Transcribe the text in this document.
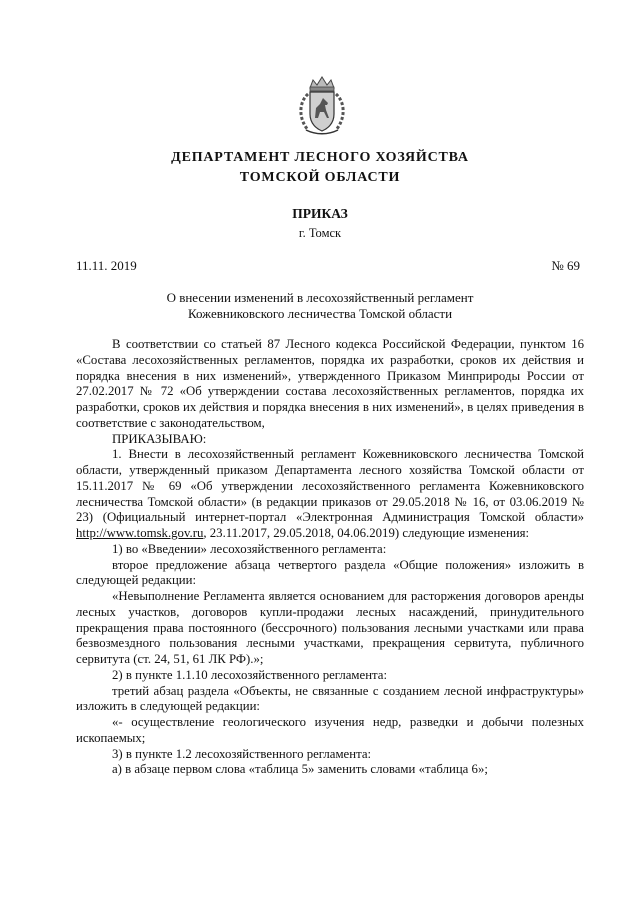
ДЕПАРТАМЕНТ ЛЕСНОГО ХОЗЯЙСТВА
ТОМСКОЙ ОБЛАСТИ
ПРИКАЗ
г. Томск
11.11. 2019	№ 69
О внесении изменений в лесохозяйственный регламент
Кожевниковского лесничества Томской области

В соответствии со статьей 87 Лесного кодекса Российской Федерации, пунктом 16 «Состава лесохозяйственных регламентов, порядка их разработки, сроков их действия и порядка внесения в них изменений», утвержденного Приказом Минприроды России от 27.02.2017 № 72 «Об утверждении состава лесохозяйственных регламентов, порядка их разработки, сроков их действия и порядка внесения в них изменений», в целях приведения в соответствие с законодательством,

ПРИКАЗЫВАЮ:

1. Внести в лесохозяйственный регламент Кожевниковского лесничества Томской области, утвержденный приказом Департамента лесного хозяйства Томской области от 15.11.2017 № 69 «Об утверждении лесохозяйственного регламента Кожевниковского лесничества Томской области» (в редакции приказов от 29.05.2018 № 16, от 03.06.2019 № 23) (Официальный интернет-портал «Электронная Администрация Томской области» http://www.tomsk.gov.ru, 23.11.2017, 29.05.2018, 04.06.2019) следующие изменения:

1) во «Введении» лесохозяйственного регламента:

второе предложение абзаца четвертого раздела «Общие положения» изложить в следующей редакции:

«Невыполнение Регламента является основанием для расторжения договоров аренды лесных участков, договоров купли-продажи лесных насаждений, принудительного прекращения права постоянного (бессрочного) пользования лесными участками или права безвозмездного пользования лесными участками, прекращения сервитута, публичного сервитута (ст. 24, 51, 61 ЛК РФ).»;

2) в пункте 1.1.10 лесохозяйственного регламента:

третий абзац раздела «Объекты, не связанные с созданием лесной инфраструктуры» изложить в следующей редакции:

«- осуществление геологического изучения недр, разведки и добычи полезных ископаемых;

3) в пункте 1.2 лесохозяйственного регламента:

а) в абзаце первом слова «таблица 5» заменить словами «таблица 6»;
